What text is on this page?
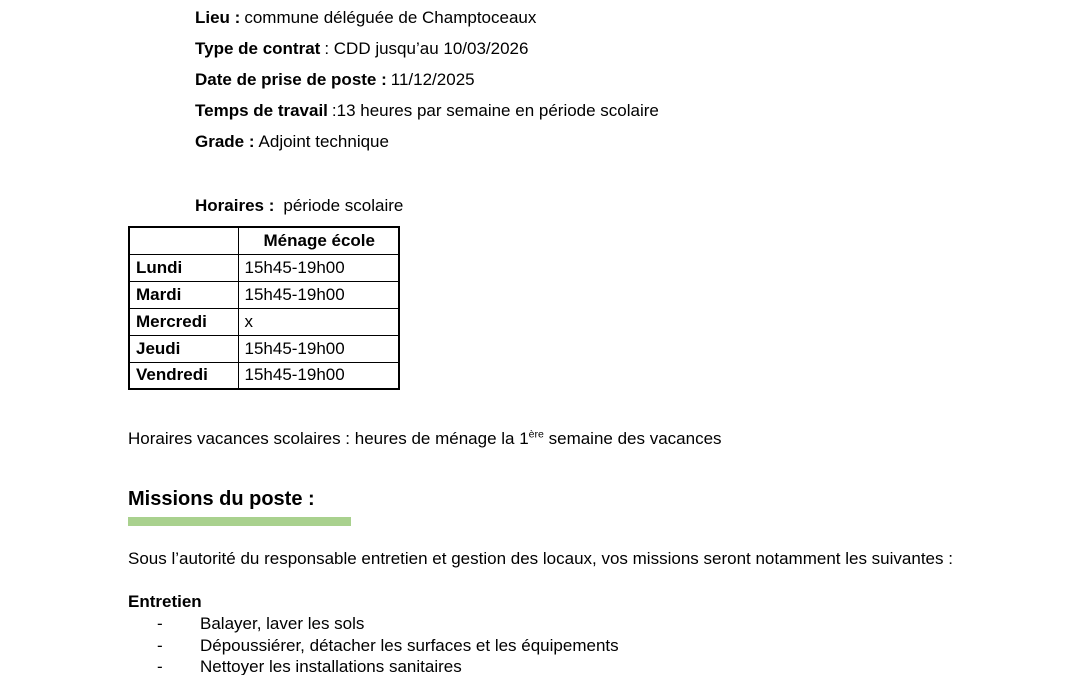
Lieu : commune déléguée de Champtoceaux
Type de contrat : CDD jusqu’au 10/03/2026
Date de prise de poste : 11/12/2025
Temps de travail :13 heures par semaine en période scolaire
Grade : Adjoint technique
Horaires : période scolaire
	Ménage école
Lundi	15h45-19h00
Mardi	15h45-19h00
Mercredi	x
Jeudi	15h45-19h00
Vendredi	15h45-19h00
Horaires vacances scolaires : heures de ménage la 1ère semaine des vacances
Missions du poste :
Sous l’autorité du responsable entretien et gestion des locaux, vos missions seront notamment les suivantes :
Entretien
-	Balayer, laver les sols
-	Dépoussiérer, détacher les surfaces et les équipements
-	Nettoyer les installations sanitaires
